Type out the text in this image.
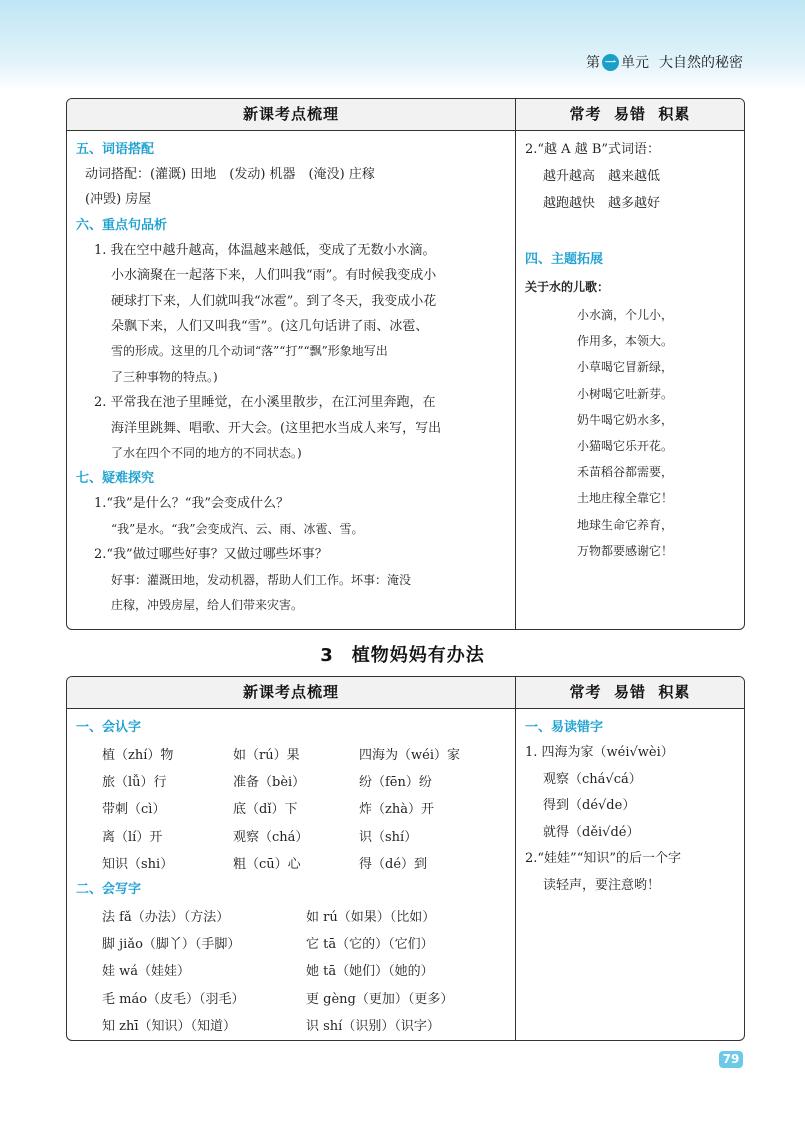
第 一 单元 大自然的秘密
新课考点梳理
五、词语搭配
动词搭配：(灌溉) 田地　(发动) 机器　(淹没) 庄稼
(冲毁) 房屋
六、重点句品析
1. 我在空中越升越高，体温越来越低，变成了无数小水滴。
小水滴聚在一起落下来，人们叫我“雨”。有时候我变成小
硬球打下来，人们就叫我“冰雹”。到了冬天，我变成小花
朵飘下来，人们又叫我“雪”。(这几句话讲了雨、冰雹、
雪的形成。这里的几个动词“落”“打”“飘”形象地写出
了三种事物的特点。)
2. 平常我在池子里睡觉，在小溪里散步，在江河里奔跑，在
海洋里跳舞、唱歌、开大会。(这里把水当成人来写，写出
了水在四个不同的地方的不同状态。)
七、疑难探究
1.“我”是什么？“我”会变成什么？
“我”是水。“我”会变成汽、云、雨、冰雹、雪。
2.“我”做过哪些好事？又做过哪些坏事？
好事：灌溉田地，发动机器，帮助人们工作。坏事：淹没
庄稼，冲毁房屋，给人们带来灾害。
常考  易错  积累
2.“越 A 越 B”式词语：
越升越高　越来越低
越跑越快　越多越好
四、主题拓展
关于水的儿歌：
小水滴，个儿小，
作用多，本领大。
小草喝它冒新绿，
小树喝它吐新芽。
奶牛喝它奶水多，
小猫喝它乐开花。
禾苗稻谷都需要，
土地庄稼全靠它！
地球生命它养育，
万物都要感谢它！
3 植物妈妈有办法
新课考点梳理
一、会认字
植（zhí）物	如（rú）果	四海为（wéi）家
旅（lǚ）行	准备（bèi）	纷（fēn）纷
带刺（cì）	底（dǐ）下	炸（zhà）开
离（lí）开	观察（chá）	识（shí）
知识（shi）	粗（cū）心	得（dé）到
二、会写字
法 fǎ（办法）（方法）	如 rú（如果）（比如）
脚 jiǎo（脚丫）（手脚）	它 tā（它的）（它们）
娃 wá（娃娃）	她 tā（她们）（她的）
毛 máo（皮毛）（羽毛）	更 gèng（更加）（更多）
知 zhī（知识）（知道）	识 shí（识别）（识字）
常考  易错  积累
一、易读错字
1. 四海为家（wéi√wèi）
观察（chá√cá）
得到（dé√de）
就得（děi√dé）
2.“娃娃”“知识”的后一个字
读轻声，要注意哟！
79
